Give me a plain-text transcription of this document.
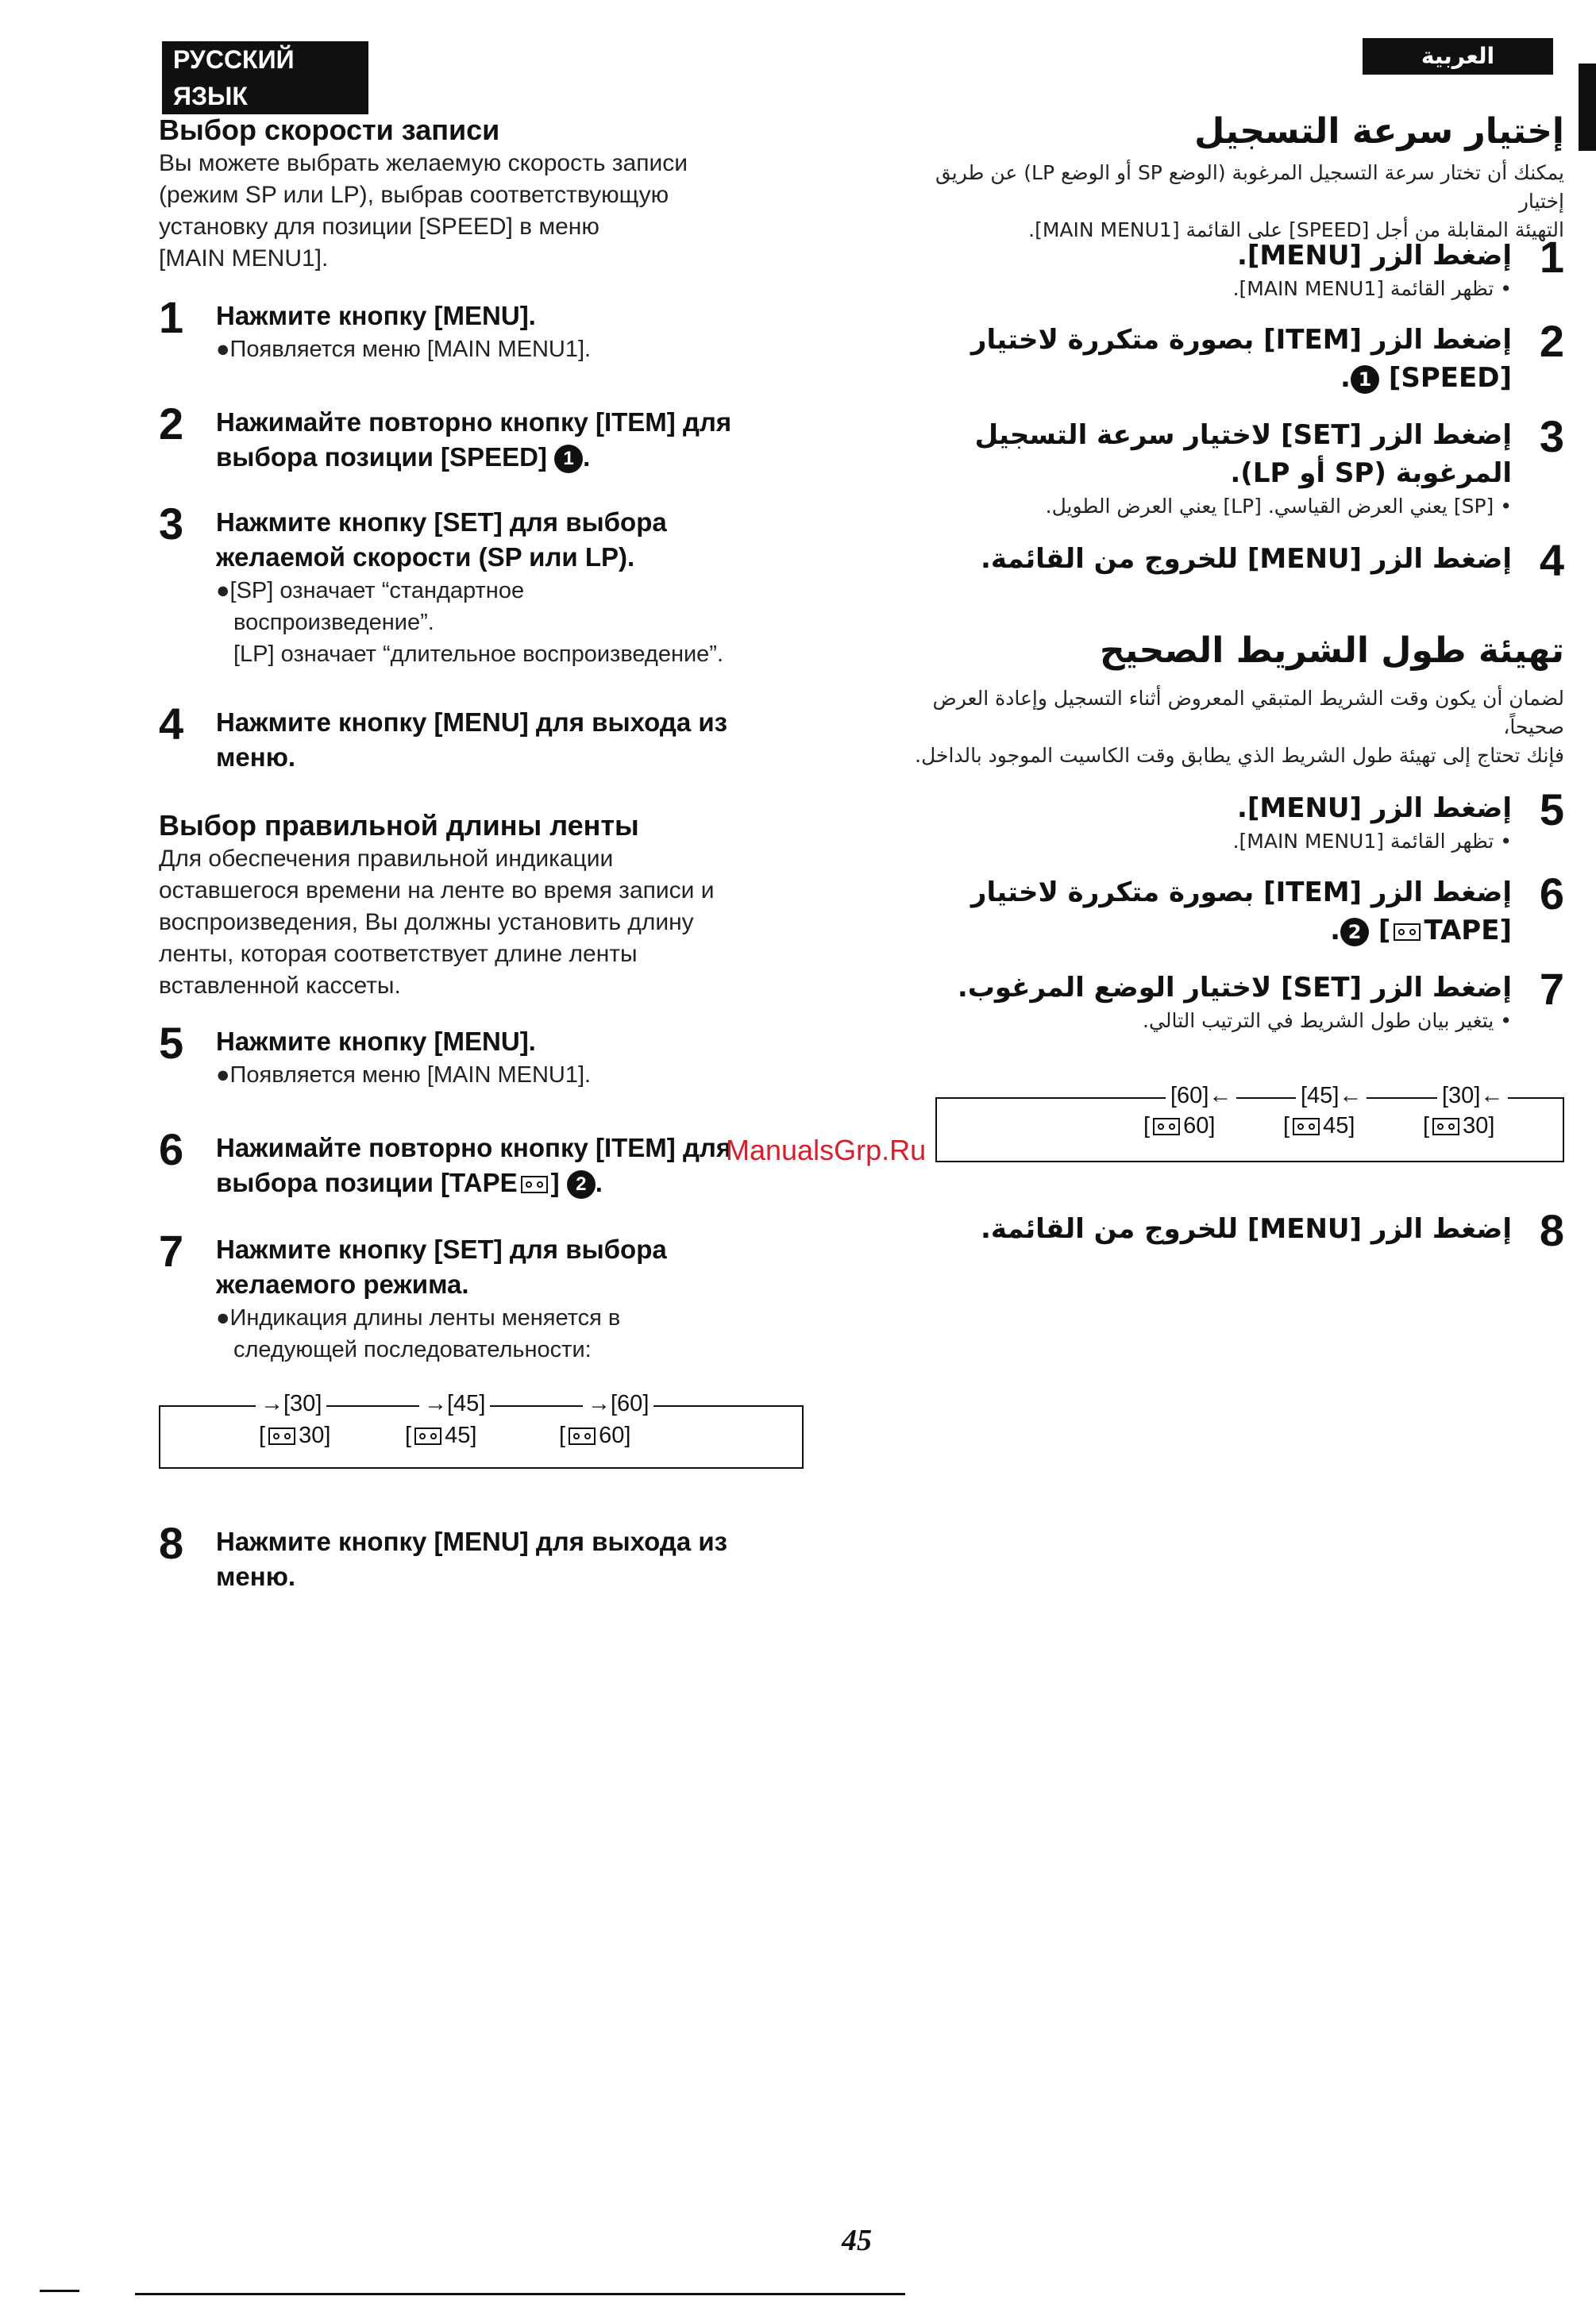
РУССКИЙ ЯЗЫК
العربية
Выбор скорости записи
Вы можете выбрать желаемую скорость записи
(режим SP или LP), выбрав соответствующую
установку для позиции [SPEED] в меню
[MAIN MENU1].
1 Нажмите кнопку [MENU].
●Появляется меню [MAIN MENU1].
2 Нажимайте повторно кнопку [ITEM] для
выбора позиции [SPEED] 1 .
3 Нажмите кнопку [SET] для выбора
желаемой скорости (SP или LP).
●[SP] означает “стандартное
воспроизведение”.
[LP] означает “длительное воспроизведение”.
4 Нажмите кнопку [MENU] для выхода из
меню.
Выбор правильной длины ленты
Для обеспечения правильной индикации
оставшегося времени на ленте во время записи и
воспроизведения, Вы должны установить длину
ленты, которая соответствует длине ленты
вставленной кассеты.
5 Нажмите кнопку [MENU].
●Появляется меню [MAIN MENU1].
6 Нажимайте повторно кнопку [ITEM] для
выбора позиции [TAPE ] 2 .
7 Нажмите кнопку [SET] для выбора
желаемого режима.
●Индикация длины ленты меняется в
следующей последовательности:
→[30]	→[45]	→[60]
[ 30]	[ 45]	[ 60]
8 Нажмите кнопку [MENU] для выхода из
меню.
إختيار سرعة التسجيل
يمكنك أن تختار سرعة التسجيل المرغوبة (الوضع SP أو الوضع LP) عن طريق إختيار
التهيئة المقابلة من أجل [SPEED] على القائمة [MAIN MENU1].
1
إضغط الزر [MENU].
• تظهر القائمة [MAIN MENU1].
2
إضغط الزر [ITEM] بصورة متكررة لاختيار
[SPEED] 1.
3
إضغط الزر [SET] لاختيار سرعة التسجيل
المرغوبة (SP أو LP).
• [SP] يعني العرض القياسي. [LP] يعني العرض الطويل.
4
إضغط الزر [MENU] للخروج من القائمة.
تهيئة طول الشريط الصحيح
لضمان أن يكون وقت الشريط المتبقي المعروض أثناء التسجيل وإعادة العرض صحيحاً،
فإنك تحتاج إلى تهيئة طول الشريط الذي يطابق وقت الكاسيت الموجود بالداخل.
5
إضغط الزر [MENU].
• تظهر القائمة [MAIN MENU1].
6
إضغط الزر [ITEM] بصورة متكررة لاختيار
[TAPE] 2.
7
إضغط الزر [SET] لاختيار الوضع المرغوب.
• يتغير بيان طول الشريط في الترتيب التالي.
[60]←	[45]←	[30]←
[ 60]	[ 45]	[ 30]
8
إضغط الزر [MENU] للخروج من القائمة.
ManualsGrp.Ru
45
